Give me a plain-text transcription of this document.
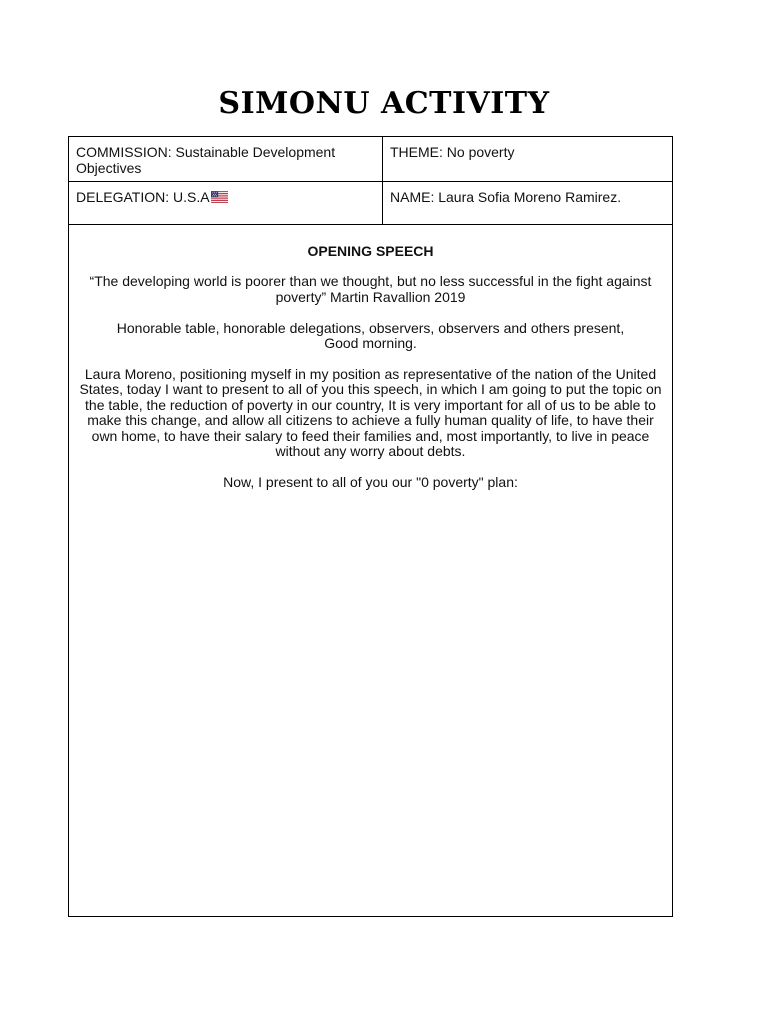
SIMONU ACTIVITY
COMMISSION: Sustainable Development Objectives
THEME: No poverty
DELEGATION: U.S.A	NAME: Laura Sofia Moreno Ramirez.

OPENING SPEECH

“The developing world is poorer than we thought, but no less successful in the fight against poverty” Martin Ravallion 2019

Honorable table, honorable delegations, observers, observers and others present,
Good morning.

Laura Moreno, positioning myself in my position as representative of the nation of the United States, today I want to present to all of you this speech, in which I am going to put the topic on the table, the reduction of poverty in our country, It is very important for all of us to be able to make this change, and allow all citizens to achieve a fully human quality of life, to have their own home, to have their salary to feed their families and, most importantly, to live in peace without any worry about debts.

Now, I present to all of you our "0 poverty" plan:
